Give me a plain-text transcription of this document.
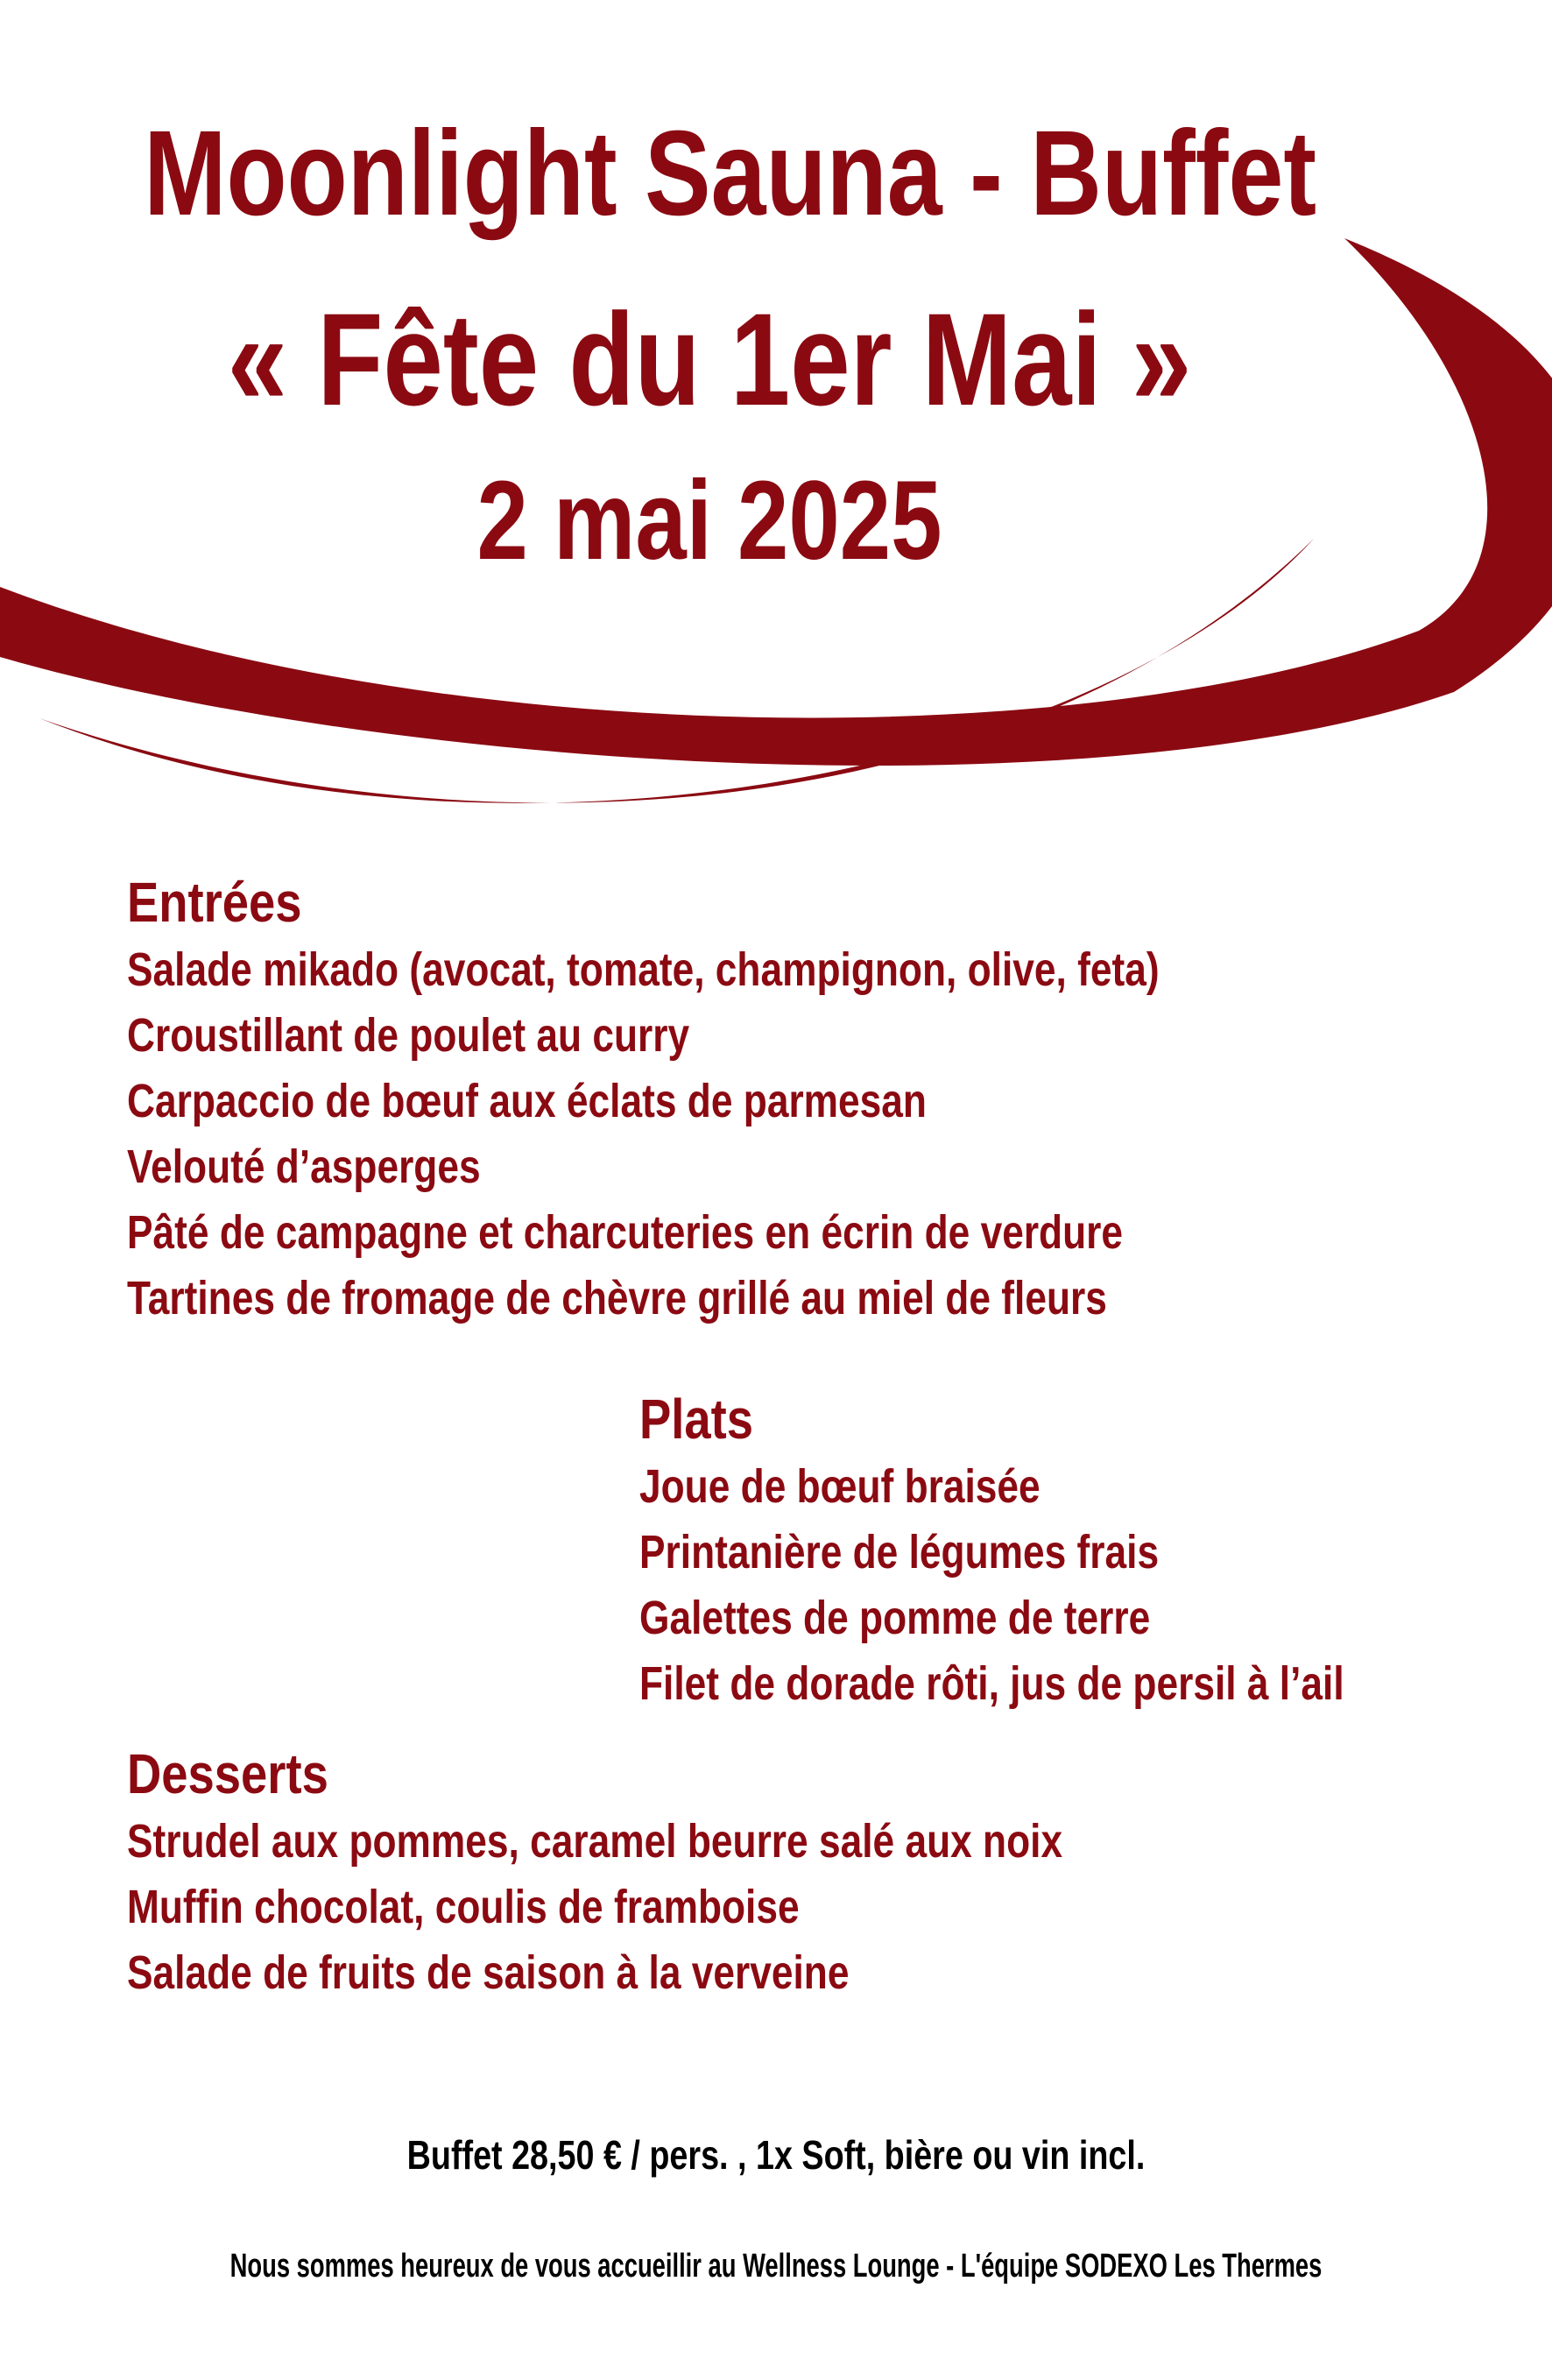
Moonlight Sauna - Buffet
« Fête du 1er Mai »
2 mai 2025
Entrées
Salade mikado (avocat, tomate, champignon, olive, feta)
Croustillant de poulet au curry
Carpaccio de bœuf aux éclats de parmesan
Velouté d’asperges
Pâté de campagne et charcuteries en écrin de verdure
Tartines de fromage de chèvre grillé au miel de fleurs
Plats
Joue de bœuf braisée
Printanière de légumes frais
Galettes de pomme de terre
Filet de dorade rôti, jus de persil à l’ail
Desserts
Strudel aux pommes, caramel beurre salé aux noix
Muffin chocolat, coulis de framboise
Salade de fruits de saison à la verveine
Buffet 28,50 € / pers. , 1x Soft, bière ou vin incl.
Nous sommes heureux de vous accueillir au Wellness Lounge - L'équipe SODEXO Les Thermes
